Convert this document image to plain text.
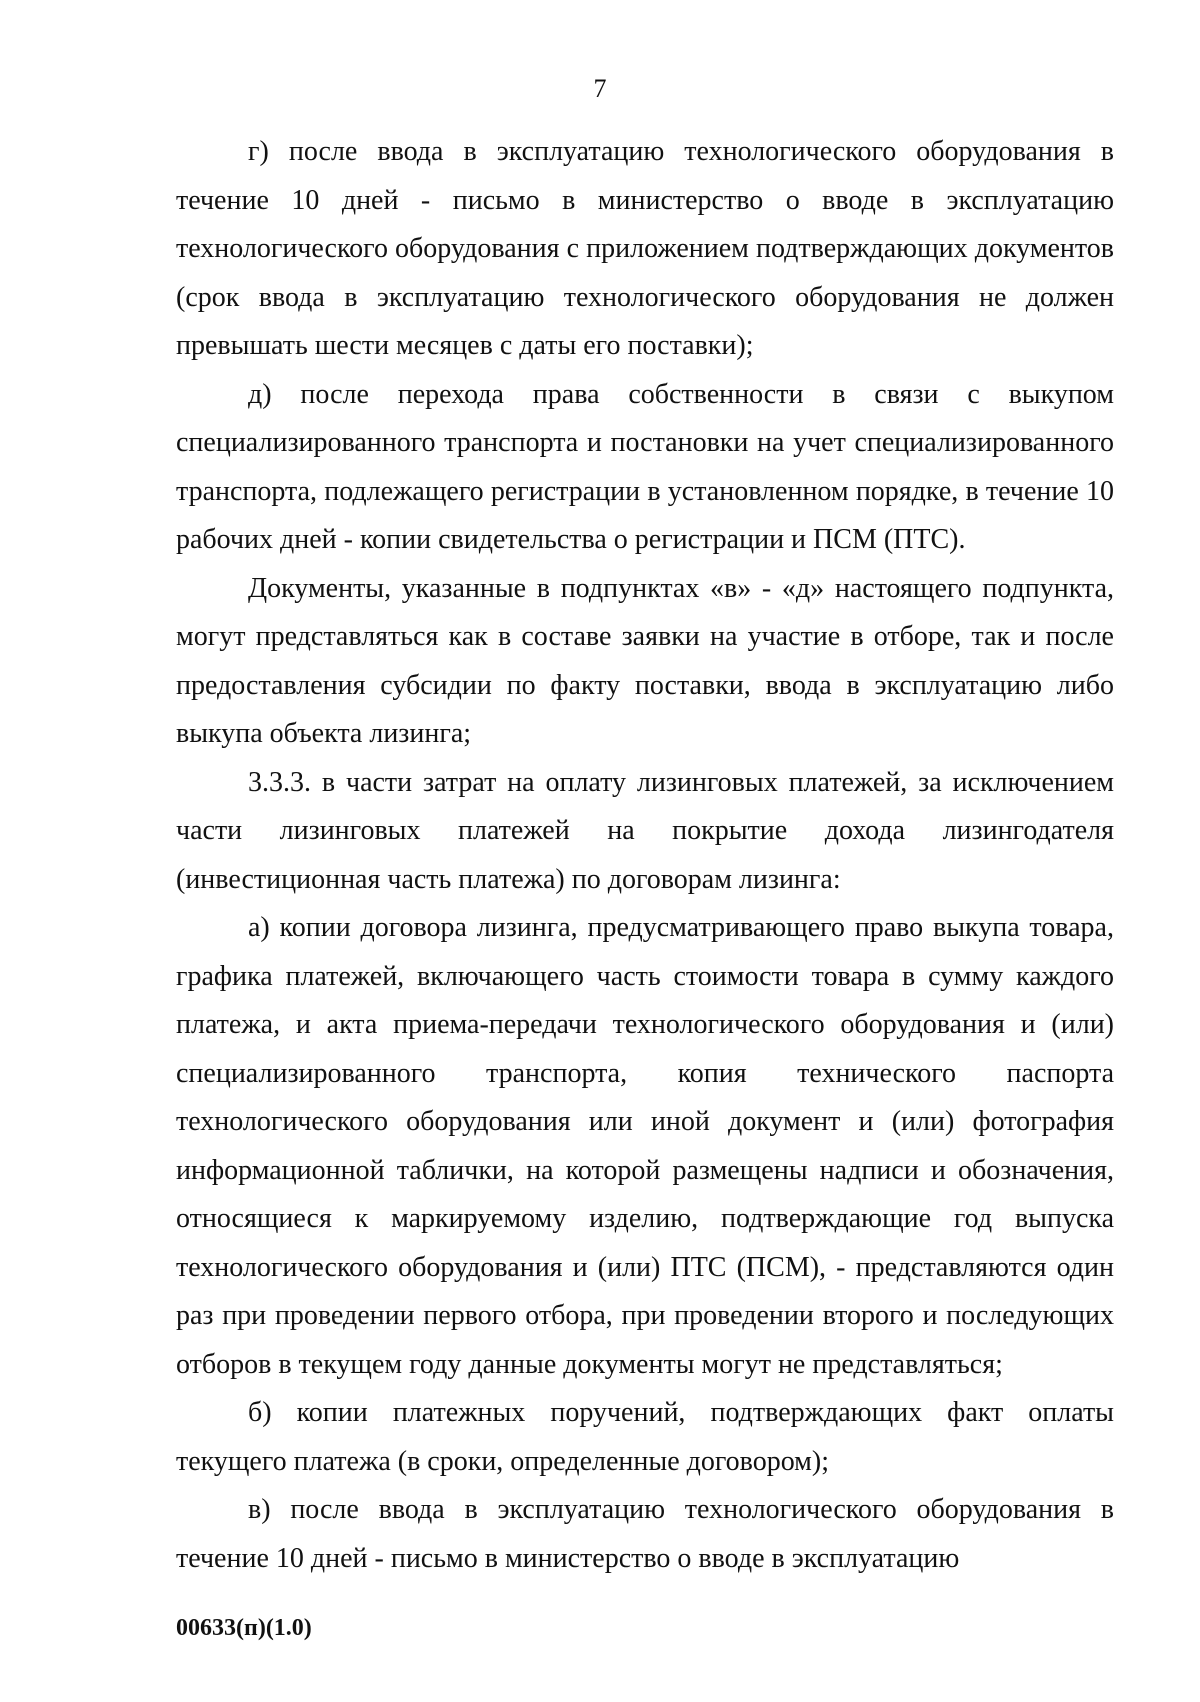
7

г) после ввода в эксплуатацию технологического оборудования в течение 10 дней - письмо в министерство о вводе в эксплуатацию технологического оборудования с приложением подтверждающих документов (срок ввода в эксплуатацию технологического оборудования не должен превышать шести месяцев с даты его поставки);

д) после перехода права собственности в связи с выкупом специализированного транспорта и постановки на учет специализированного транспорта, подлежащего регистрации в установленном порядке, в течение 10 рабочих дней - копии свидетельства о регистрации и ПСМ (ПТС).

Документы, указанные в подпунктах «в» - «д» настоящего подпункта, могут представляться как в составе заявки на участие в отборе, так и после предоставления субсидии по факту поставки, ввода в эксплуатацию либо выкупа объекта лизинга;

3.3.3. в части затрат на оплату лизинговых платежей, за исключением части лизинговых платежей на покрытие дохода лизингодателя (инвестиционная часть платежа) по договорам лизинга:

а) копии договора лизинга, предусматривающего право выкупа товара, графика платежей, включающего часть стоимости товара в сумму каждого платежа, и акта приема-передачи технологического оборудования и (или) специализированного транспорта, копия технического паспорта технологического оборудования или иной документ и (или) фотография информационной таблички, на которой размещены надписи и обозначения, относящиеся к маркируемому изделию, подтверждающие год выпуска технологического оборудования и (или) ПТС (ПСМ), - представляются один раз при проведении первого отбора, при проведении второго и последующих отборов в текущем году данные документы могут не представляться;

б) копии платежных поручений, подтверждающих факт оплаты текущего платежа (в сроки, определенные договором);

в) после ввода в эксплуатацию технологического оборудования в течение 10 дней - письмо в министерство о вводе в эксплуатацию

00633(п)(1.0)
